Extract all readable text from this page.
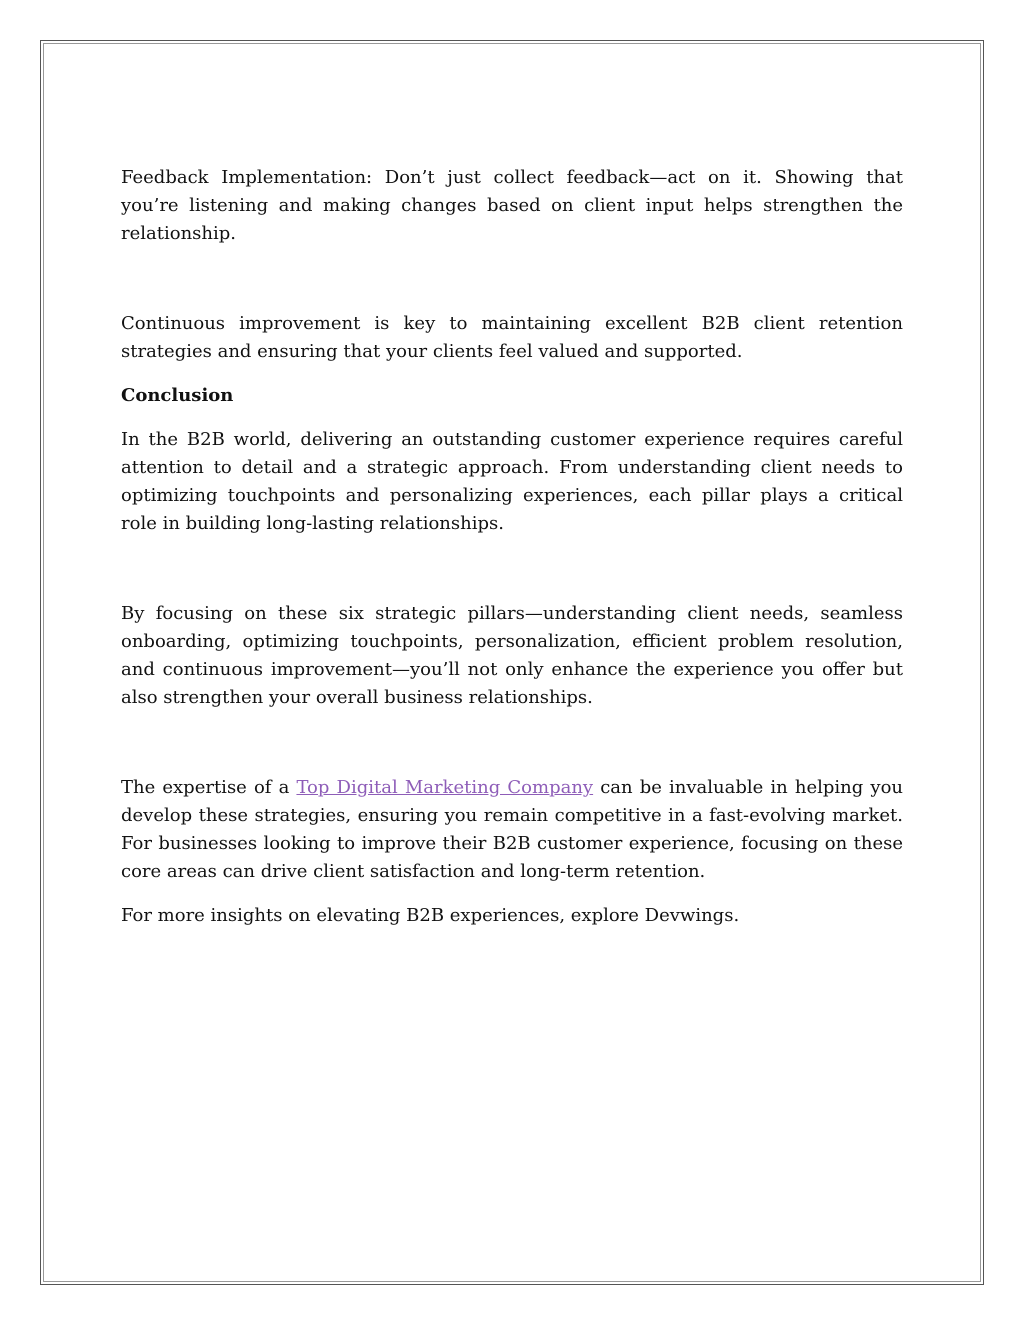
Feedback Implementation: Don’t just collect feedback—act on it. Showing that you’re listening and making changes based on client input helps strengthen the relationship.

Continuous improvement is key to maintaining excellent B2B client retention strategies and ensuring that your clients feel valued and supported.

Conclusion

In the B2B world, delivering an outstanding customer experience requires careful attention to detail and a strategic approach. From understanding client needs to optimizing touchpoints and personalizing experiences, each pillar plays a critical role in building long-lasting relationships.

By focusing on these six strategic pillars—understanding client needs, seamless onboarding, optimizing touchpoints, personalization, efficient problem resolution, and continuous improvement—you’ll not only enhance the experience you offer but also strengthen your overall business relationships.

The expertise of a Top Digital Marketing Company can be invaluable in helping you develop these strategies, ensuring you remain competitive in a fast-evolving market. For businesses looking to improve their B2B customer experience, focusing on these core areas can drive client satisfaction and long-term retention.

For more insights on elevating B2B experiences, explore Devwings.
